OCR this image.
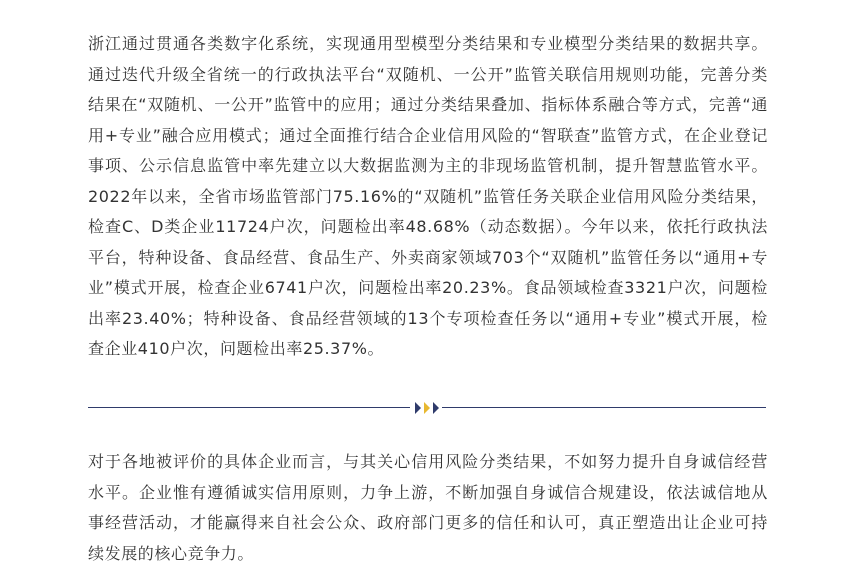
浙江通过贯通各类数字化系统，实现通用型模型分类结果和专业模型分类结果的数据共享。通过迭代升级全省统一的行政执法平台“双随机、一公开”监管关联信用规则功能，完善分类结果在“双随机、一公开”监管中的应用；通过分类结果叠加、指标体系融合等方式，完善“通用+专业”融合应用模式；通过全面推行结合企业信用风险的“智联查”监管方式，在企业登记事项、公示信息监管中率先建立以大数据监测为主的非现场监管机制，提升智慧监管水平。2022年以来，全省市场监管部门75.16%的“双随机”监管任务关联企业信用风险分类结果，检查C、D类企业11724户次，问题检出率48.68%（动态数据）。今年以来，依托行政执法平台，特种设备、食品经营、食品生产、外卖商家领域703个“双随机”监管任务以“通用+专业”模式开展，检查企业6741户次，问题检出率20.23%。食品领域检查3321户次，问题检出率23.40%；特种设备、食品经营领域的13个专项检查任务以“通用+专业”模式开展，检查企业410户次，问题检出率25.37%。

对于各地被评价的具体企业而言，与其关心信用风险分类结果，不如努力提升自身诚信经营水平。企业惟有遵循诚实信用原则，力争上游，不断加强自身诚信合规建设，依法诚信地从事经营活动，才能赢得来自社会公众、政府部门更多的信任和认可，真正塑造出让企业可持续发展的核心竞争力。
